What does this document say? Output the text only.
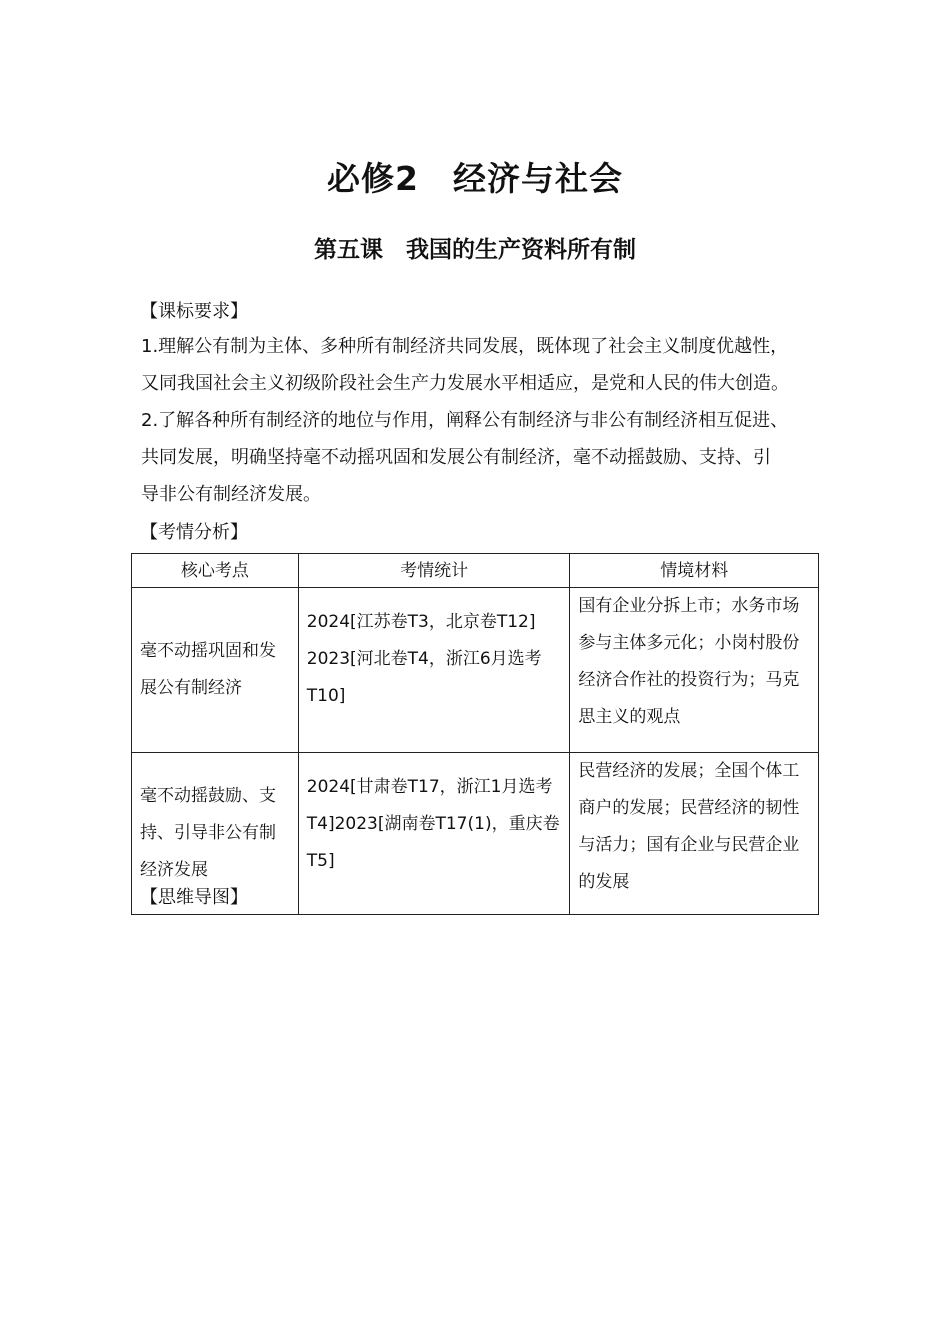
必修2　经济与社会
第五课　我国的生产资料所有制
【课标要求】
1.理解公有制为主体、多种所有制经济共同发展，既体现了社会主义制度优越性，
又同我国社会主义初级阶段社会生产力发展水平相适应，是党和人民的伟大创造。
2.了解各种所有制经济的地位与作用，阐释公有制经济与非公有制经济相互促进、
共同发展，明确坚持毫不动摇巩固和发展公有制经济，毫不动摇鼓励、支持、引
导非公有制经济发展。
【考情分析】
核心考点	考情统计	情境材料
毫不动摇巩固和发展公有制经济	2024[江苏卷T3，北京卷T12] 2023[河北卷T4，浙江6月选考T10]	国有企业分拆上市；水务市场参与主体多元化；小岗村股份经济合作社的投资行为；马克思主义的观点
毫不动摇鼓励、支持、引导非公有制经济发展	2024[甘肃卷T17，浙江1月选考T4]2023[湖南卷T17(1)，重庆卷T5]	民营经济的发展；全国个体工商户的发展；民营经济的韧性与活力；国有企业与民营企业的发展
【思维导图】
